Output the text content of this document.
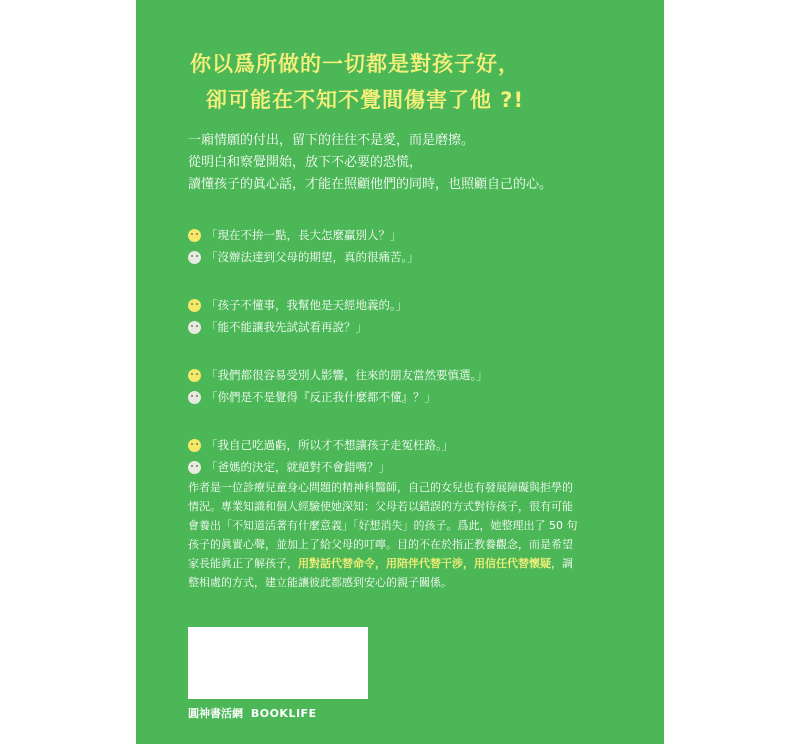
你以爲所做的一切都是對孩子好，
卻可能在不知不覺間傷害了他 ?!
一廂情願的付出，留下的往往不是愛，而是磨擦。
從明白和察覺開始，放下不必要的恐慌，
讀懂孩子的眞心話，才能在照顧他們的同時，也照顧自己的心。
「現在不拚一點，長大怎麼贏別人？」
「沒辦法達到父母的期望，真的很痛苦。」
「孩子不懂事，我幫他是天經地義的。」
「能不能讓我先試試看再說？」
「我們都很容易受別人影響，往來的朋友當然要慎選。」
「你們是不是覺得『反正我什麼都不懂』？」
「我自己吃過虧，所以才不想讓孩子走冤枉路。」
「爸媽的決定，就絕對不會錯嗎？」

作者是一位診療兒童身心問題的精神科醫師，自己的女兒也有發展障礙與拒學的情況。專業知識和個人經驗使她深知：父母若以錯誤的方式對待孩子，很有可能會養出「不知道活著有什麼意義」「好想消失」的孩子。爲此，她整理出了 50 句孩子的眞實心聲，並加上了給父母的叮嚀。目的不在於指正教養觀念，而是希望家長能眞正了解孩子，用對話代替命令，用陪伴代替干涉，用信任代替懷疑，調整相處的方式，建立能讓彼此都感到安心的親子關係。

圓神書活網 BOOKLIFE
